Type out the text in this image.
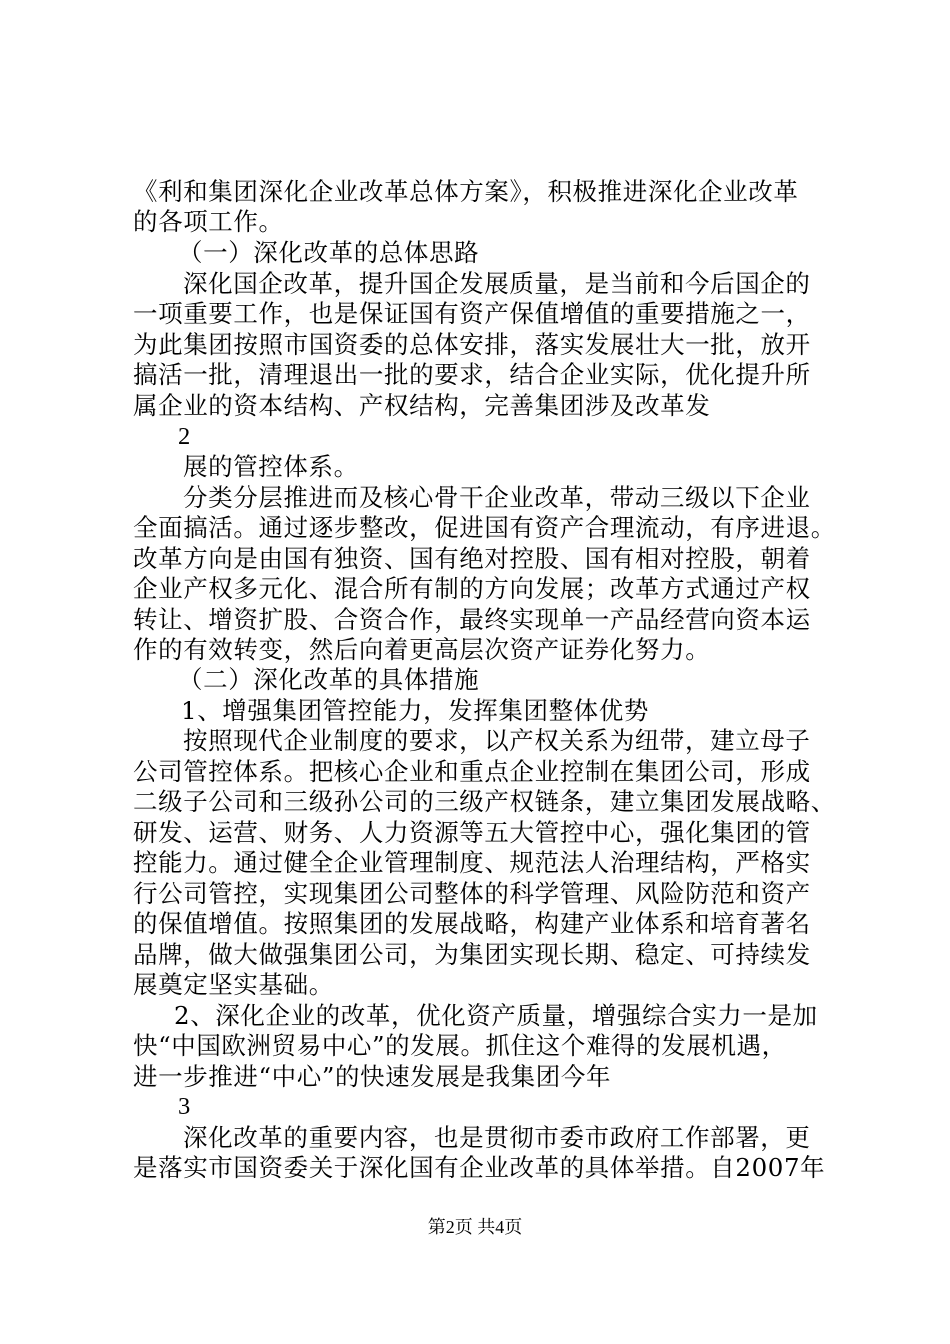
《利和集团深化企业改革总体方案》，积极推进深化企业改革
的各项工作。
（一）深化改革的总体思路
深化国企改革，提升国企发展质量，是当前和今后国企的
一项重要工作，也是保证国有资产保值增值的重要措施之一，
为此集团按照市国资委的总体安排，落实发展壮大一批，放开
搞活一批，清理退出一批的要求，结合企业实际，优化提升所
属企业的资本结构、产权结构，完善集团涉及改革发
2
展的管控体系。
分类分层推进而及核心骨干企业改革，带动三级以下企业
全面搞活。通过逐步整改，促进国有资产合理流动，有序进退。
改革方向是由国有独资、国有绝对控股、国有相对控股，朝着
企业产权多元化、混合所有制的方向发展；改革方式通过产权
转让、增资扩股、合资合作，最终实现单一产品经营向资本运
作的有效转变，然后向着更高层次资产证券化努力。
（二）深化改革的具体措施
1、增强集团管控能力，发挥集团整体优势
按照现代企业制度的要求，以产权关系为纽带，建立母子
公司管控体系。把核心企业和重点企业控制在集团公司，形成
二级子公司和三级孙公司的三级产权链条，建立集团发展战略、
研发、运营、财务、人力资源等五大管控中心，强化集团的管
控能力。通过健全企业管理制度、规范法人治理结构，严格实
行公司管控，实现集团公司整体的科学管理、风险防范和资产
的保值增值。按照集团的发展战略，构建产业体系和培育著名
品牌，做大做强集团公司，为集团实现长期、稳定、可持续发
展奠定坚实基础。
2、深化企业的改革，优化资产质量，增强综合实力一是加
快“中国欧洲贸易中心”的发展。抓住这个难得的发展机遇，
进一步推进“中心”的快速发展是我集团今年
3
深化改革的重要内容，也是贯彻市委市政府工作部署，更
是落实市国资委关于深化国有企业改革的具体举措。自2007年
第2页 共4页
